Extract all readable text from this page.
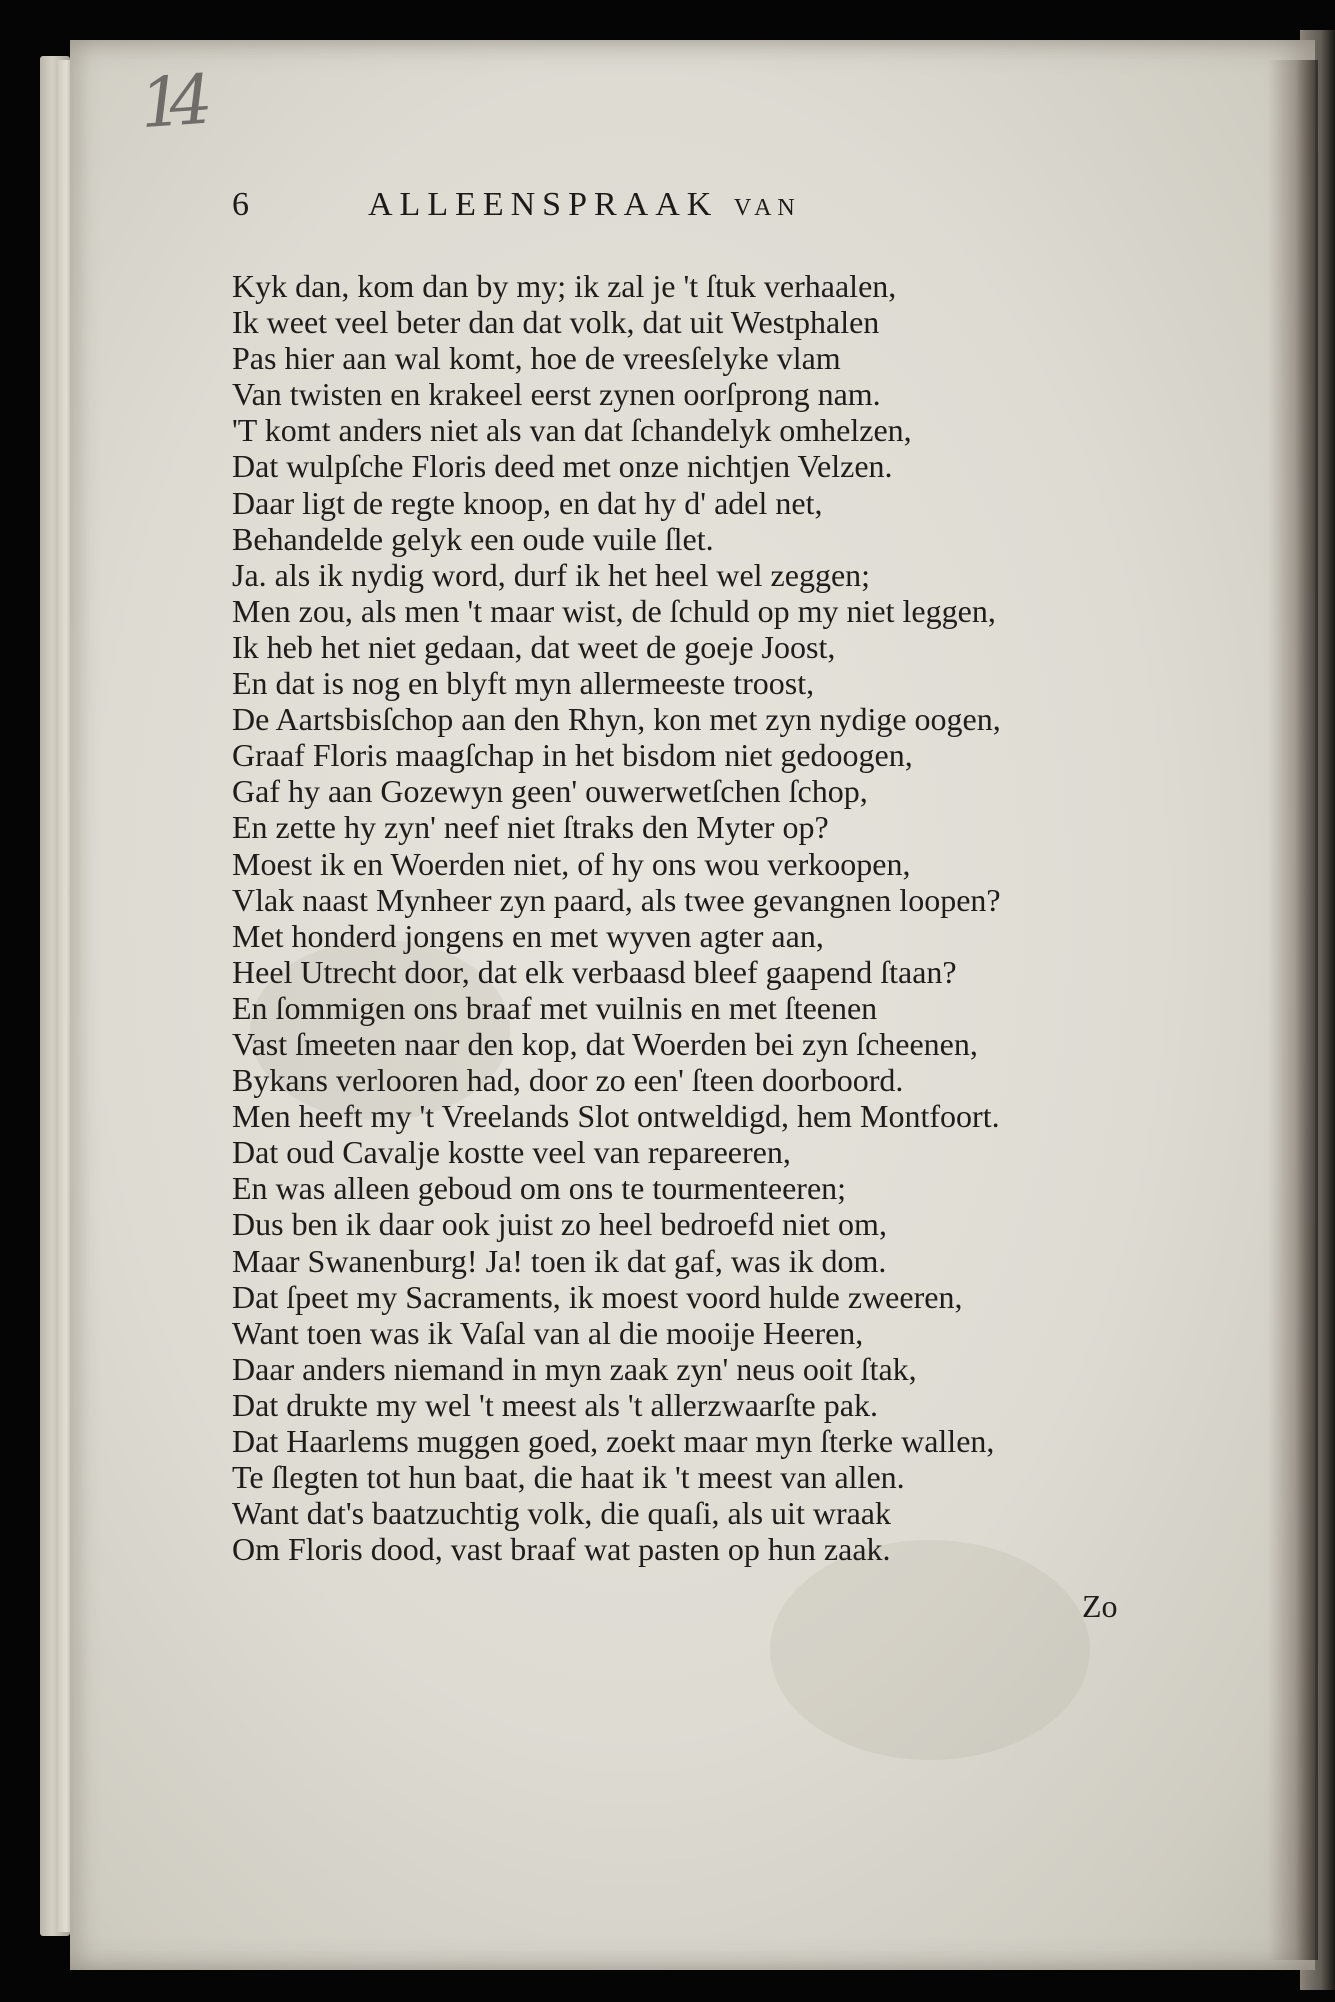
14
6	ALLEENSPRAAK VAN
Kyk dan, kom dan by my; ik zal je 't ſtuk verhaalen,
Ik weet veel beter dan dat volk, dat uit Westphalen
Pas hier aan wal komt, hoe de vreesſelyke vlam
Van twisten en krakeel eerst zynen oorſprong nam.
'T komt anders niet als van dat ſchandelyk omhelzen,
Dat wulpſche Floris deed met onze nichtjen Velzen.
Daar ligt de regte knoop, en dat hy d' adel net,
Behandelde gelyk een oude vuile ſlet.
Ja. als ik nydig word, durf ik het heel wel zeggen;
Men zou, als men 't maar wist, de ſchuld op my niet leggen,
Ik heb het niet gedaan, dat weet de goeje Joost,
En dat is nog en blyft myn allermeeste troost,
De Aartsbisſchop aan den Rhyn, kon met zyn nydige oogen,
Graaf Floris maagſchap in het bisdom niet gedoogen,
Gaf hy aan Gozewyn geen' ouwerwetſchen ſchop,
En zette hy zyn' neef niet ſtraks den Myter op?
Moest ik en Woerden niet, of hy ons wou verkoopen,
Vlak naast Mynheer zyn paard, als twee gevangnen loopen?
Met honderd jongens en met wyven agter aan,
Heel Utrecht door, dat elk verbaasd bleef gaapend ſtaan?
En ſommigen ons braaf met vuilnis en met ſteenen
Vast ſmeeten naar den kop, dat Woerden bei zyn ſcheenen,
Bykans verlooren had, door zo een' ſteen doorboord.
Men heeft my 't Vreelands Slot ontweldigd, hem Montfoort.
Dat oud Cavalje kostte veel van repareeren,
En was alleen geboud om ons te tourmenteeren;
Dus ben ik daar ook juist zo heel bedroefd niet om,
Maar Swanenburg! Ja! toen ik dat gaf, was ik dom.
Dat ſpeet my Sacraments, ik moest voord hulde zweeren,
Want toen was ik Vaſal van al die mooije Heeren,
Daar anders niemand in myn zaak zyn' neus ooit ſtak,
Dat drukte my wel 't meest als 't allerzwaarſte pak.
Dat Haarlems muggen goed, zoekt maar myn ſterke wallen,
Te ſlegten tot hun baat, die haat ik 't meest van allen.
Want dat's baatzuchtig volk, die quaſi, als uit wraak
Om Floris dood, vast braaf wat pasten op hun zaak.
Zo
